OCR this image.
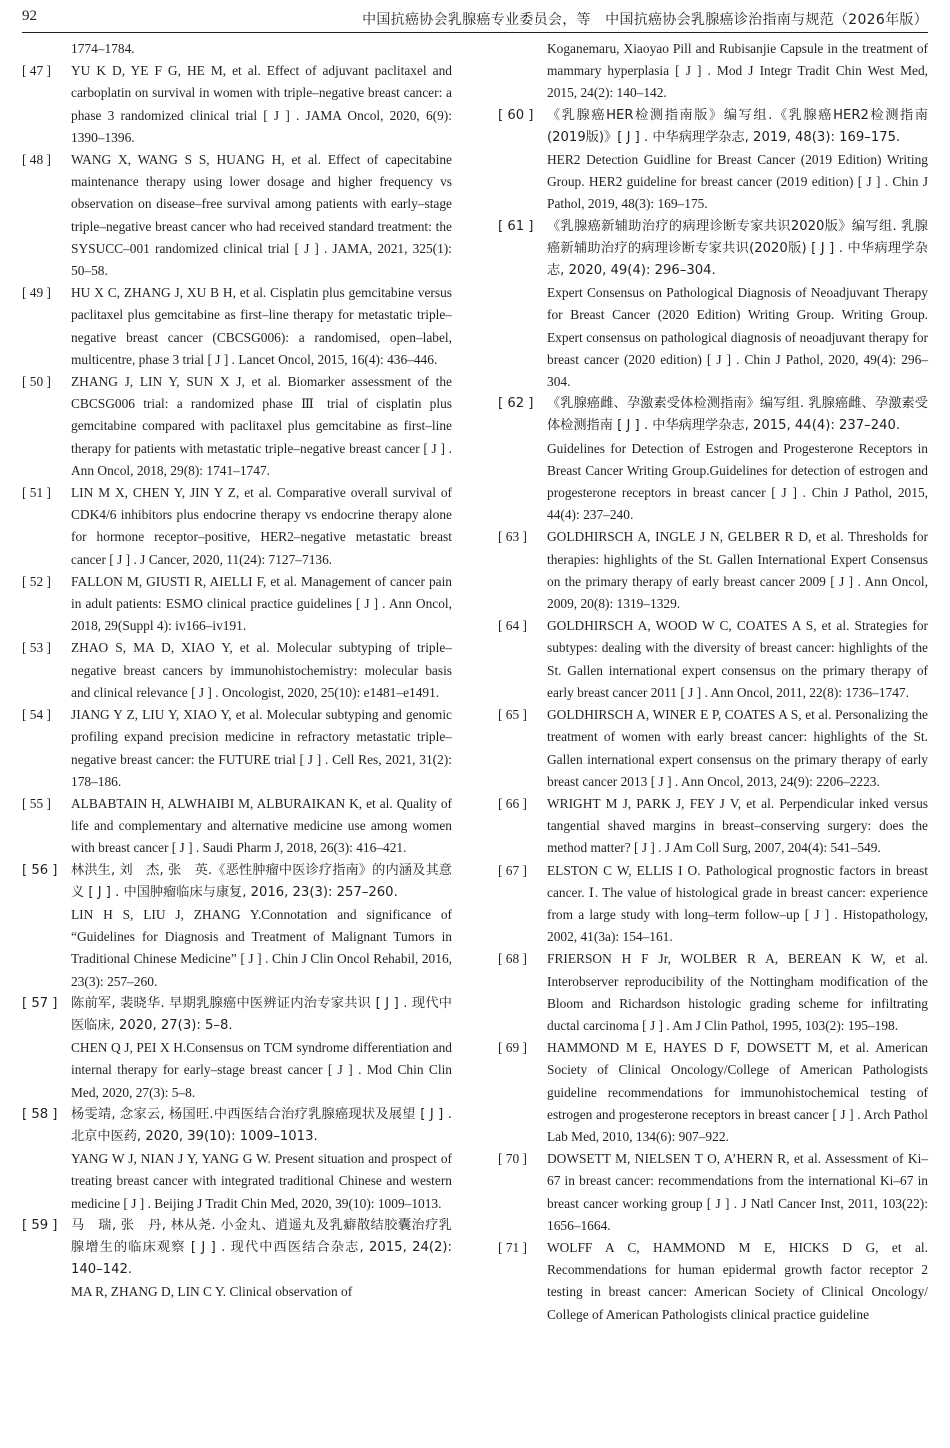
92	中国抗癌协会乳腺癌专业委员会，等　中国抗癌协会乳腺癌诊治指南与规范（2026年版）
1774–1784.
[ 47 ] YU K D, YE F G, HE M, et al. Effect of adjuvant paclitaxel and carboplatin on survival in women with triple–negative breast cancer: a phase 3 randomized clinical trial [ J ] . JAMA Oncol, 2020, 6(9): 1390–1396.
[ 48 ] WANG X, WANG S S, HUANG H, et al. Effect of capecitabine maintenance therapy using lower dosage and higher frequency vs observation on disease–free survival among patients with early–stage triple–negative breast cancer who had received standard treatment: the SYSUCC–001 randomized clinical trial [ J ] . JAMA, 2021, 325(1): 50–58.
[ 49 ] HU X C, ZHANG J, XU B H, et al. Cisplatin plus gemcitabine versus paclitaxel plus gemcitabine as first–line therapy for metastatic triple–negative breast cancer (CBCSG006): a randomised, open–label, multicentre, phase 3 trial [ J ] . Lancet Oncol, 2015, 16(4): 436–446.
[ 50 ] ZHANG J, LIN Y, SUN X J, et al. Biomarker assessment of the CBCSG006 trial: a randomized phase Ⅲ trial of cisplatin plus gemcitabine compared with paclitaxel plus gemcitabine as first–line therapy for patients with metastatic triple–negative breast cancer [ J ] . Ann Oncol, 2018, 29(8): 1741–1747.
[ 51 ] LIN M X, CHEN Y, JIN Y Z, et al. Comparative overall survival of CDK4/6 inhibitors plus endocrine therapy vs endocrine therapy alone for hormone receptor–positive, HER2–negative metastatic breast cancer [ J ] . J Cancer, 2020, 11(24): 7127–7136.
[ 52 ] FALLON M, GIUSTI R, AIELLI F, et al. Management of cancer pain in adult patients: ESMO clinical practice guidelines [ J ] . Ann Oncol, 2018, 29(Suppl 4): iv166–iv191.
[ 53 ] ZHAO S, MA D, XIAO Y, et al. Molecular subtyping of triple–negative breast cancers by immunohistochemistry: molecular basis and clinical relevance [ J ] . Oncologist, 2020, 25(10): e1481–e1491.
[ 54 ] JIANG Y Z, LIU Y, XIAO Y, et al. Molecular subtyping and genomic profiling expand precision medicine in refractory metastatic triple–negative breast cancer: the FUTURE trial [ J ] . Cell Res, 2021, 31(2): 178–186.
[ 55 ] ALBABTAIN H, ALWHAIBI M, ALBURAIKAN K, et al. Quality of life and complementary and alternative medicine use among women with breast cancer [ J ] . Saudi Pharm J, 2018, 26(3): 416–421.
[ 56 ] 林洪生, 刘　杰, 张　英.《恶性肿瘤中医诊疗指南》的内涵及其意义 [ J ] . 中国肿瘤临床与康复, 2016, 23(3): 257–260.
LIN H S, LIU J, ZHANG Y.Connotation and significance of “Guidelines for Diagnosis and Treatment of Malignant Tumors in Traditional Chinese Medicine” [ J ] . Chin J Clin Oncol Rehabil, 2016, 23(3): 257–260.
[ 57 ] 陈前军, 裴晓华. 早期乳腺癌中医辨证内治专家共识 [ J ] . 现代中医临床, 2020, 27(3): 5–8.
CHEN Q J, PEI X H.Consensus on TCM syndrome differentiation and internal therapy for early–stage breast cancer [ J ] . Mod Chin Clin Med, 2020, 27(3): 5–8.
[ 58 ] 杨雯靖, 念家云, 杨国旺.中西医结合治疗乳腺癌现状及展望 [ J ] . 北京中医药, 2020, 39(10): 1009–1013.
YANG W J, NIAN J Y, YANG G W. Present situation and prospect of treating breast cancer with integrated traditional Chinese and western medicine [ J ] . Beijing J Tradit Chin Med, 2020, 39(10): 1009–1013.
[ 59 ] 马　瑞, 张　丹, 林从尧. 小金丸、逍遥丸及乳癖散结胶囊治疗乳腺增生的临床观察 [ J ] . 现代中西医结合杂志, 2015, 24(2): 140–142.
MA R, ZHANG D, LIN C Y. Clinical observation of
Koganemaru, Xiaoyao Pill and Rubisanjie Capsule in the treatment of mammary hyperplasia [ J ] . Mod J Integr Tradit Chin West Med, 2015, 24(2): 140–142.
[ 60 ] 《乳腺癌HER检测指南版》编写组.《乳腺癌HER2检测指南(2019版)》[ J ] . 中华病理学杂志, 2019, 48(3): 169–175.
HER2 Detection Guidline for Breast Cancer (2019 Edition) Writing Group. HER2 guideline for breast cancer (2019 edition) [ J ] . Chin J Pathol, 2019, 48(3): 169–175.
[ 61 ] 《乳腺癌新辅助治疗的病理诊断专家共识2020版》编写组. 乳腺癌新辅助治疗的病理诊断专家共识(2020版) [ J ] . 中华病理学杂志, 2020, 49(4): 296–304.
Expert Consensus on Pathological Diagnosis of Neoadjuvant Therapy for Breast Cancer (2020 Edition) Writing Group. Writing Group. Expert consensus on pathological diagnosis of neoadjuvant therapy for breast cancer (2020 edition) [ J ] . Chin J Pathol, 2020, 49(4): 296–304.
[ 62 ] 《乳腺癌雌、孕激素受体检测指南》编写组. 乳腺癌雌、孕激素受体检测指南 [ J ] . 中华病理学杂志, 2015, 44(4): 237–240.
Guidelines for Detection of Estrogen and Progesterone Receptors in Breast Cancer Writing Group.Guidelines for detection of estrogen and progesterone receptors in breast cancer [ J ] . Chin J Pathol, 2015, 44(4): 237–240.
[ 63 ] GOLDHIRSCH A, INGLE J N, GELBER R D, et al. Thresholds for therapies: highlights of the St. Gallen International Expert Consensus on the primary therapy of early breast cancer 2009 [ J ] . Ann Oncol, 2009, 20(8): 1319–1329.
[ 64 ] GOLDHIRSCH A, WOOD W C, COATES A S, et al. Strategies for subtypes: dealing with the diversity of breast cancer: highlights of the St. Gallen international expert consensus on the primary therapy of early breast cancer 2011 [ J ] . Ann Oncol, 2011, 22(8): 1736–1747.
[ 65 ] GOLDHIRSCH A, WINER E P, COATES A S, et al. Personalizing the treatment of women with early breast cancer: highlights of the St. Gallen international expert consensus on the primary therapy of early breast cancer 2013 [ J ] . Ann Oncol, 2013, 24(9): 2206–2223.
[ 66 ] WRIGHT M J, PARK J, FEY J V, et al. Perpendicular inked versus tangential shaved margins in breast–conserving surgery: does the method matter? [ J ] . J Am Coll Surg, 2007, 204(4): 541–549.
[ 67 ] ELSTON C W, ELLIS I O. Pathological prognostic factors in breast cancer. Ⅰ. The value of histological grade in breast cancer: experience from a large study with long–term follow–up [ J ] . Histopathology, 2002, 41(3a): 154–161.
[ 68 ] FRIERSON H F Jr, WOLBER R A, BEREAN K W, et al. Interobserver reproducibility of the Nottingham modification of the Bloom and Richardson histologic grading scheme for infiltrating ductal carcinoma [ J ] . Am J Clin Pathol, 1995, 103(2): 195–198.
[ 69 ] HAMMOND M E, HAYES D F, DOWSETT M, et al. American Society of Clinical Oncology/College of American Pathologists guideline recommendations for immunohistochemical testing of estrogen and progesterone receptors in breast cancer [ J ] . Arch Pathol Lab Med, 2010, 134(6): 907–922.
[ 70 ] DOWSETT M, NIELSEN T O, A’HERN R, et al. Assessment of Ki–67 in breast cancer: recommendations from the international Ki–67 in breast cancer working group [ J ] . J Natl Cancer Inst, 2011, 103(22): 1656–1664.
[ 71 ] WOLFF A C, HAMMOND M E, HICKS D G, et al. Recommendations for human epidermal growth factor receptor 2 testing in breast cancer: American Society of Clinical Oncology/ College of American Pathologists clinical practice guideline
